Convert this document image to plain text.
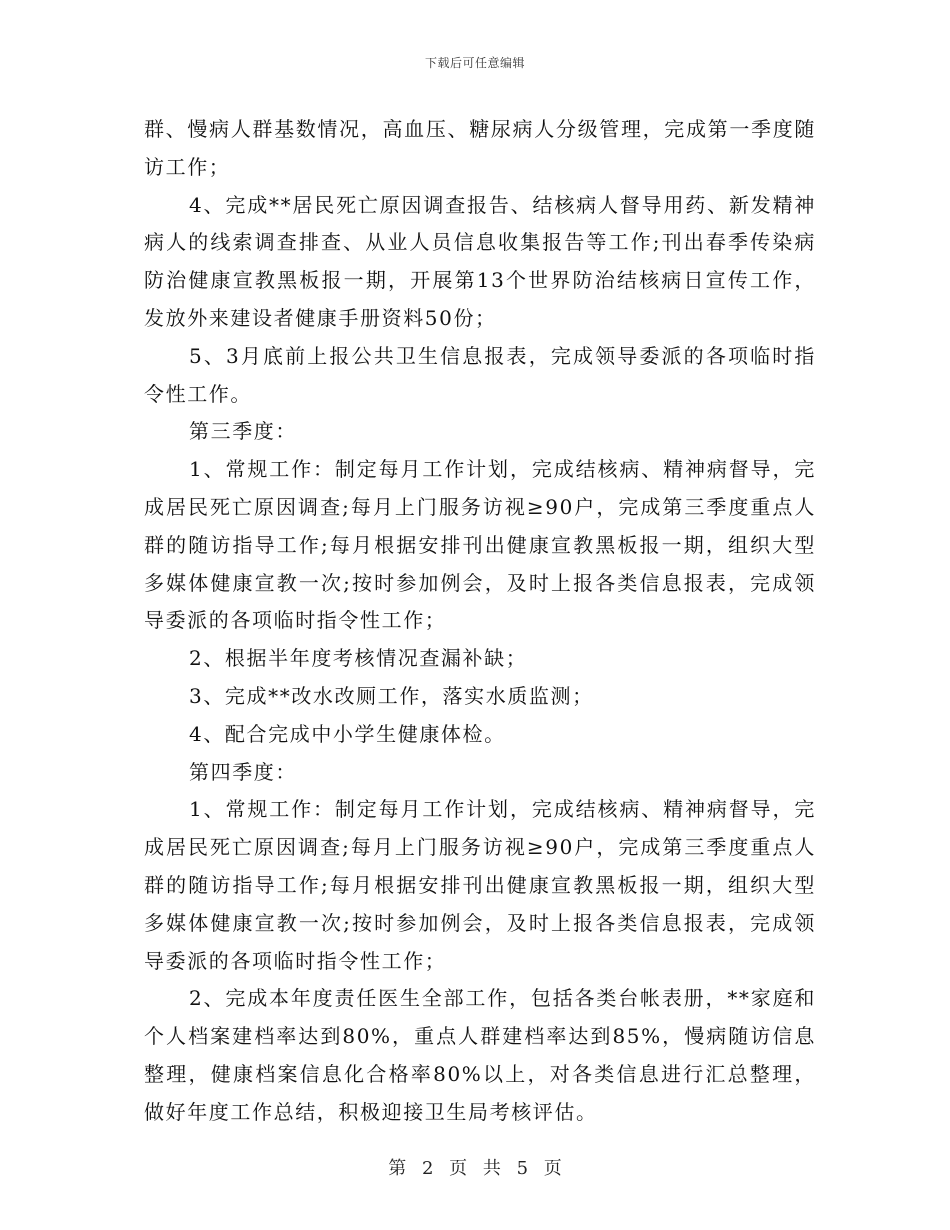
下载后可任意编辑

群、慢病人群基数情况，高血压、糖尿病人分级管理，完成第一季度随访工作；

4、完成**居民死亡原因调查报告、结核病人督导用药、新发精神病人的线索调查排查、从业人员信息收集报告等工作;刊出春季传染病防治健康宣教黑板报一期，开展第13个世界防治结核病日宣传工作，发放外来建设者健康手册资料50份；

5、3月底前上报公共卫生信息报表，完成领导委派的各项临时指令性工作。

第三季度：

1、常规工作：制定每月工作计划，完成结核病、精神病督导，完成居民死亡原因调查;每月上门服务访视≥90户，完成第三季度重点人群的随访指导工作;每月根据安排刊出健康宣教黑板报一期，组织大型多媒体健康宣教一次;按时参加例会，及时上报各类信息报表，完成领导委派的各项临时指令性工作；

2、根据半年度考核情况查漏补缺；

3、完成**改水改厕工作，落实水质监测；

4、配合完成中小学生健康体检。

第四季度：

1、常规工作：制定每月工作计划，完成结核病、精神病督导，完成居民死亡原因调查;每月上门服务访视≥90户，完成第三季度重点人群的随访指导工作;每月根据安排刊出健康宣教黑板报一期，组织大型多媒体健康宣教一次;按时参加例会，及时上报各类信息报表，完成领导委派的各项临时指令性工作；

2、完成本年度责任医生全部工作，包括各类台帐表册，**家庭和个人档案建档率达到80%，重点人群建档率达到85%，慢病随访信息整理，健康档案信息化合格率80%以上，对各类信息进行汇总整理，做好年度工作总结，积极迎接卫生局考核评估。

第 2 页 共 5 页
